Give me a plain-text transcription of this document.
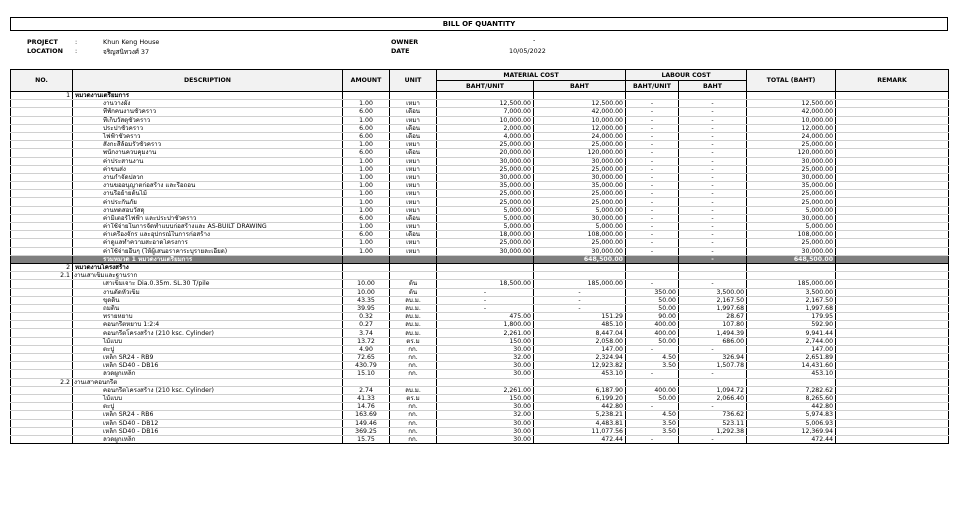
BILL OF QUANTITY
PROJECT	:	Khun Keng House
LOCATION :	จริญสนิทวงศ์ 37
OWNER	-
DATE	10/05/2022
NO.	DESCRIPTION	AMOUNT	UNIT	MATERIAL COST		LABOUR COST		TOTAL (BAHT)	REMARK
				BAHT/UNIT	BAHT	BAHT/UNIT	BAHT		
1	หมวดงานเตรียมการ								
	งานวางผัง	1.00	เหมา	12,500.00	12,500.00	-	-	12,500.00	
	ที่พักคนงานชั่วคราว	6.00	เดือน	7,000.00	42,000.00	-	-	42,000.00	
	ที่เก็บวัสดุชั่วคราว	1.00	เหมา	10,000.00	10,000.00	-	-	10,000.00	
	ประปาชั่วคราว	6.00	เดือน	2,000.00	12,000.00	-	-	12,000.00	
	ไฟฟ้าชั่วคราว	6.00	เดือน	4,000.00	24,000.00	-	-	24,000.00	
	สังกะสีล้อมรั้วชั่วคราว	1.00	เหมา	25,000.00	25,000.00	-	-	25,000.00	
	พนักงานควบคุมงาน	6.00	เดือน	20,000.00	120,000.00	-	-	120,000.00	
	ค่าประสานงาน	1.00	เหมา	30,000.00	30,000.00	-	-	30,000.00	
	ค่าขนส่ง	1.00	เหมา	25,000.00	25,000.00	-	-	25,000.00	
	งานกำจัดปลวก	1.00	เหมา	30,000.00	30,000.00	-	-	30,000.00	
	งานขออนุญาตก่อสร้าง และรื้อถอน	1.00	เหมา	35,000.00	35,000.00	-	-	35,000.00	
	งานรื้อย้ายต้นไม้	1.00	เหมา	25,000.00	25,000.00	-	-	25,000.00	
	ค่าประกันภัย	1.00	เหมา	25,000.00	25,000.00	-	-	25,000.00	
	งานทดสอบวัสดุ	1.00	เหมา	5,000.00	5,000.00	-	-	5,000.00	
	ค่ามิเตอร์ไฟฟ้า และประปาชั่วคราว	6.00	เดือน	5,000.00	30,000.00	-	-	30,000.00	
	ค่าใช้จ่ายในการจัดทำแบบก่อสร้างและ AS-BUILT DRAWING	1.00	เหมา	5,000.00	5,000.00	-	-	5,000.00	
	ค่าเครื่องจักร และอุปกรณ์ในการก่อสร้าง	6.00	เดือน	18,000.00	108,000.00	-	-	108,000.00	
	ค่าดูแลทำความสะอาดโครงการ	1.00	เหมา	25,000.00	25,000.00	-	-	25,000.00	
	ค่าใช้จ่ายอื่นๆ (ให้ผู้เสนอราคาระบุรายละเอียด)	1.00	เหมา	30,000.00	30,000.00	-	-	30,000.00	
	รวมหมวด 1 หมวดงานเตรียมการ				648,500.00		-	648,500.00	
2	หมวดงานโครงสร้าง								
2.1	งานเสาเข็มและฐานราก								
	เสาเข็มเจาะ Dia.0.35m. SL.30 T/pile	10.00	ต้น	18,500.00	185,000.00	-	-	185,000.00	
	งานตัดหัวเข็ม	10.00	ต้น	-	-	350.00	3,500.00	3,500.00	
	ขุดดิน	43.35	ลบ.ม.	-	-	50.00	2,167.50	2,167.50	
	ถมดิน	39.95	ลบ.ม.	-	-	50.00	1,997.68	1,997.68	
	ทรายหยาบ	0.32	ลบ.ม.	475.00	151.29	90.00	28.67	179.95	
	คอนกรีตหยาบ 1:2:4	0.27	ลบ.ม.	1,800.00	485.10	400.00	107.80	592.90	
	คอนกรีตโครงสร้าง (210 ksc. Cylinder)	3.74	ลบ.ม.	2,261.00	8,447.04	400.00	1,494.39	9,941.44	
	ไม้แบบ	13.72	ตร.ม	150.00	2,058.00	50.00	686.00	2,744.00	
	ตะปู	4.90	กก.	30.00	147.00	-	-	147.00	
	เหล็ก SR24 - RB9	72.65	กก.	32.00	2,324.94	4.50	326.94	2,651.89	
	เหล็ก SD40 - DB16	430.79	กก.	30.00	12,923.82	3.50	1,507.78	14,431.60	
	ลวดผูกเหล็ก	15.10	กก.	30.00	453.10	-	-	453.10	
2.2	งานเสาคอนกรีต								
	คอนกรีตโครงสร้าง (210 ksc. Cylinder)	2.74	ลบ.ม.	2,261.00	6,187.90	400.00	1,094.72	7,282.62	
	ไม้แบบ	41.33	ตร.ม	150.00	6,199.20	50.00	2,066.40	8,265.60	
	ตะปู	14.76	กก.	30.00	442.80	-	-	442.80	
	เหล็ก SR24 - RB6	163.69	กก.	32.00	5,238.21	4.50	736.62	5,974.83	
	เหล็ก SD40 - DB12	149.46	กก.	30.00	4,483.81	3.50	523.11	5,006.93	
	เหล็ก SD40 - DB16	369.25	กก.	30.00	11,077.56	3.50	1,292.38	12,369.94	
	ลวดผูกเหล็ก	15.75	กก.	30.00	472.44	-	-	472.44	
